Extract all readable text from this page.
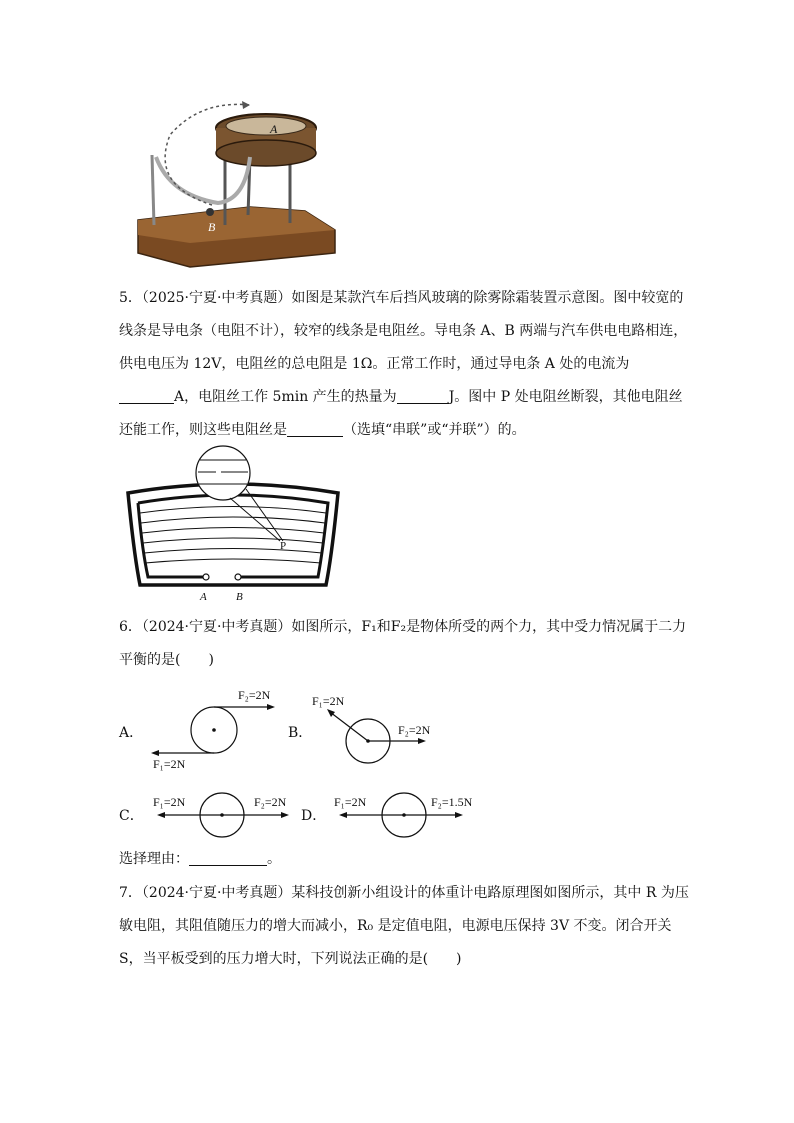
A
B
5．（2025·宁夏·中考真题）如图是某款汽车后挡风玻璃的除雾除霜装置示意图。图中较宽的
线条是导电条（电阻不计），较窄的线条是电阻丝。导电条 A、B 两端与汽车供电电路相连，
供电电压为 12V，电阻丝的总电阻是 1Ω。正常工作时，通过导电条 A 处的电流为
A，电阻丝工作 5min 产生的热量为	J。图中 P 处电阻丝断裂，其他电阻丝
还能工作，则这些电阻丝是	（选填“串联”或“并联”）的。
P
A	B
6．（2024·宁夏·中考真题）如图所示，F₁和F₂是物体所受的两个力，其中受力情况属于二力
平衡的是(　　)
A．
F₂=2N
F₁=2N
B．
F₁=2N
F₂=2N
C．
F₁=2N	F₂=2N
D．
F₁=2N	F₂=1.5N
选择理由：	。
7．（2024·宁夏·中考真题）某科技创新小组设计的体重计电路原理图如图所示，其中 R 为压
敏电阻，其阻值随压力的增大而减小，R₀ 是定值电阻，电源电压保持 3V 不变。闭合开关
S，当平板受到的压力增大时，下列说法正确的是(　　)
